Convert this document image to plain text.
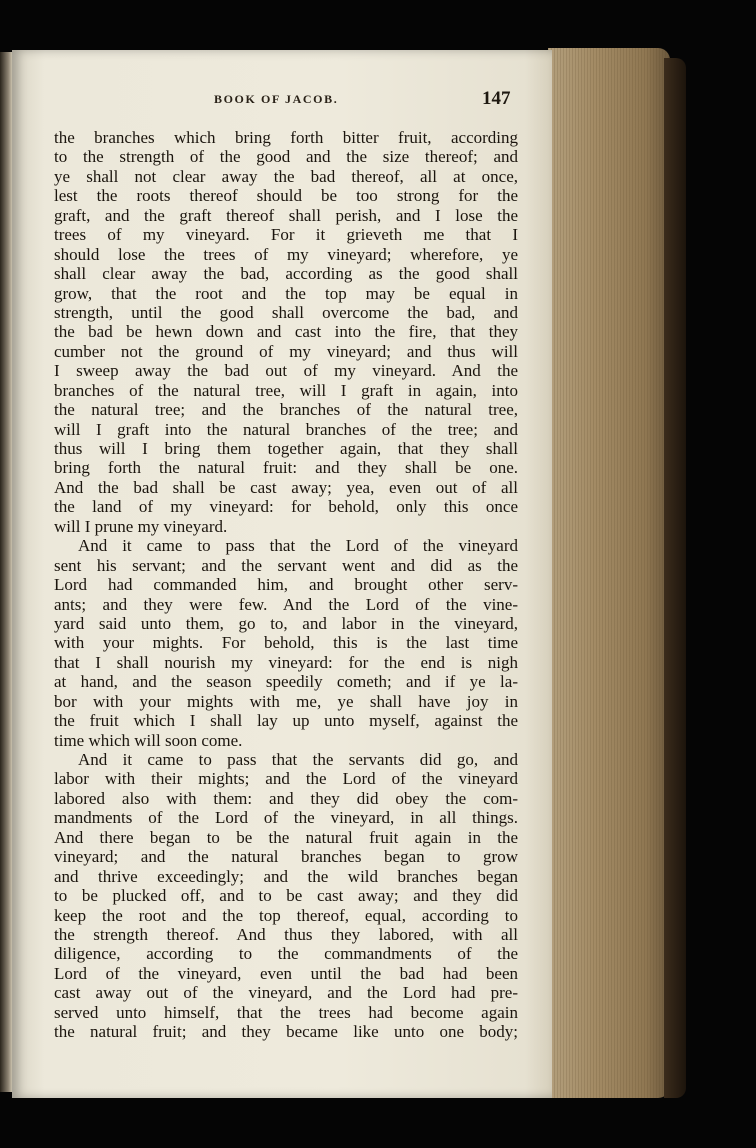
BOOK OF JACOB.	147
the branches which bring forth bitter fruit, according
to the strength of the good and the size thereof; and
ye shall not clear away the bad thereof, all at once,
lest the roots thereof should be too strong for the
graft, and the graft thereof shall perish, and I lose the
trees of my vineyard. For it grieveth me that I
should lose the trees of my vineyard; wherefore, ye
shall clear away the bad, according as the good shall
grow, that the root and the top may be equal in
strength, until the good shall overcome the bad, and
the bad be hewn down and cast into the fire, that they
cumber not the ground of my vineyard; and thus will
I sweep away the bad out of my vineyard. And the
branches of the natural tree, will I graft in again, into
the natural tree; and the branches of the natural tree,
will I graft into the natural branches of the tree; and
thus will I bring them together again, that they shall
bring forth the natural fruit: and they shall be one.
And the bad shall be cast away; yea, even out of all
the land of my vineyard: for behold, only this once
will I prune my vineyard.
And it came to pass that the Lord of the vineyard
sent his servant; and the servant went and did as the
Lord had commanded him, and brought other serv-
ants; and they were few. And the Lord of the vine-
yard said unto them, go to, and labor in the vineyard,
with your mights. For behold, this is the last time
that I shall nourish my vineyard: for the end is nigh
at hand, and the season speedily cometh; and if ye la-
bor with your mights with me, ye shall have joy in
the fruit which I shall lay up unto myself, against the
time which will soon come.
And it came to pass that the servants did go, and
labor with their mights; and the Lord of the vineyard
labored also with them: and they did obey the com-
mandments of the Lord of the vineyard, in all things.
And there began to be the natural fruit again in the
vineyard; and the natural branches began to grow
and thrive exceedingly; and the wild branches began
to be plucked off, and to be cast away; and they did
keep the root and the top thereof, equal, according to
the strength thereof. And thus they labored, with all
diligence, according to the commandments of the
Lord of the vineyard, even until the bad had been
cast away out of the vineyard, and the Lord had pre-
served unto himself, that the trees had become again
the natural fruit; and they became like unto one body;
